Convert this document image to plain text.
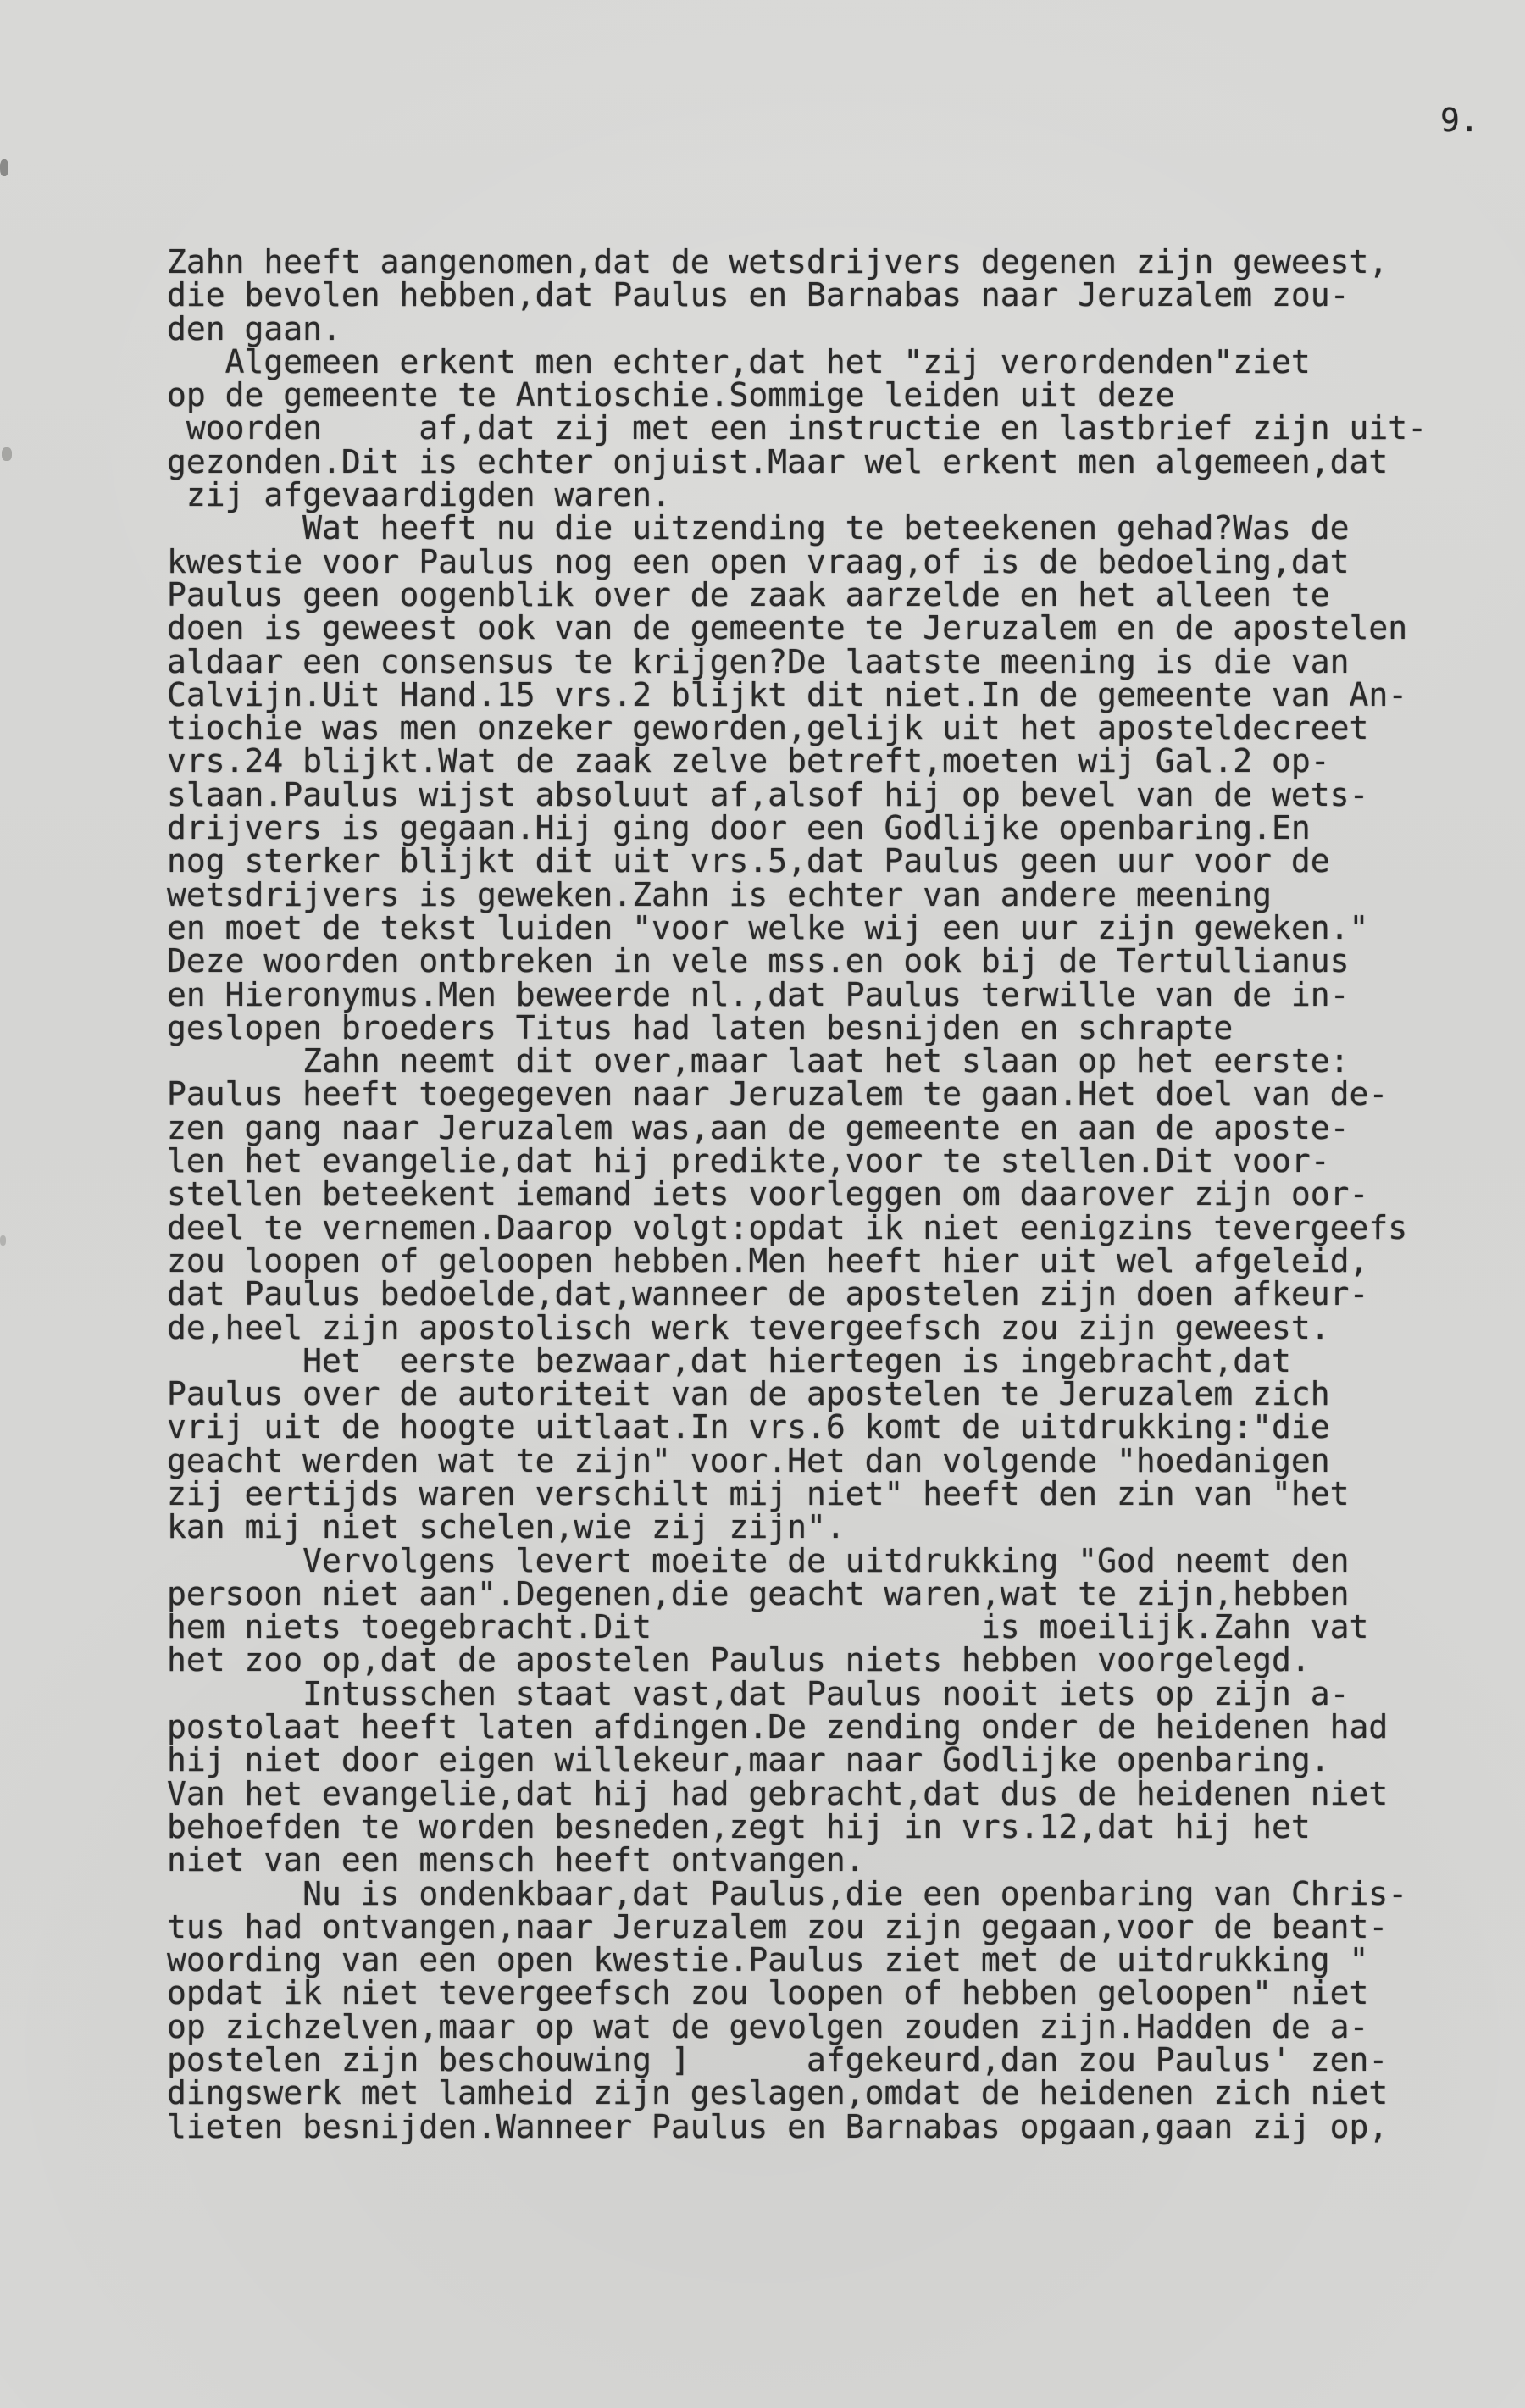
9.
Zahn heeft aangenomen,dat de wetsdrijvers degenen zijn geweest,
die bevolen hebben,dat Paulus en Barnabas naar Jeruzalem zou-
den gaan.
Algemeen erkent men echter,dat het "zij verordenden"ziet
op de gemeente te Antioschie.Sommige leiden uit deze
woorden     af,dat zij met een instructie en lastbrief zijn uit-
gezonden.Dit is echter onjuist.Maar wel erkent men algemeen,dat
zij afgevaardigden waren.
Wat heeft nu die uitzending te beteekenen gehad?Was de
kwestie voor Paulus nog een open vraag,of is de bedoeling,dat
Paulus geen oogenblik over de zaak aarzelde en het alleen te
doen is geweest ook van de gemeente te Jeruzalem en de apostelen
aldaar een consensus te krijgen?De laatste meening is die van
Calvijn.Uit Hand.15 vrs.2 blijkt dit niet.In de gemeente van An-
tiochie was men onzeker geworden,gelijk uit het aposteldecreet
vrs.24 blijkt.Wat de zaak zelve betreft,moeten wij Gal.2 op-
slaan.Paulus wijst absoluut af,alsof hij op bevel van de wets-
drijvers is gegaan.Hij ging door een Godlijke openbaring.En
nog sterker blijkt dit uit vrs.5,dat Paulus geen uur voor de
wetsdrijvers is geweken.Zahn is echter van andere meening
en moet de tekst luiden "voor welke wij een uur zijn geweken."
Deze woorden ontbreken in vele mss.en ook bij de Tertullianus
en Hieronymus.Men beweerde nl.,dat Paulus terwille van de in-
geslopen broeders Titus had laten besnijden en schrapte
Zahn neemt dit over,maar laat het slaan op het eerste:
Paulus heeft toegegeven naar Jeruzalem te gaan.Het doel van de-
zen gang naar Jeruzalem was,aan de gemeente en aan de aposte-
len het evangelie,dat hij predikte,voor te stellen.Dit voor-
stellen beteekent iemand iets voorleggen om daarover zijn oor-
deel te vernemen.Daarop volgt:opdat ik niet eenigzins tevergeefs
zou loopen of geloopen hebben.Men heeft hier uit wel afgeleid,
dat Paulus bedoelde,dat,wanneer de apostelen zijn doen afkeur-
de,heel zijn apostolisch werk tevergeefsch zou zijn geweest.
Het  eerste bezwaar,dat hiertegen is ingebracht,dat
Paulus over de autoriteit van de apostelen te Jeruzalem zich
vrij uit de hoogte uitlaat.In vrs.6 komt de uitdrukking:"die
geacht werden wat te zijn" voor.Het dan volgende "hoedanigen
zij eertijds waren verschilt mij niet" heeft den zin van "het
kan mij niet schelen,wie zij zijn".
Vervolgens levert moeite de uitdrukking "God neemt den
persoon niet aan".Degenen,die geacht waren,wat te zijn,hebben
hem niets toegebracht.Dit                 is moeilijk.Zahn vat
het zoo op,dat de apostelen Paulus niets hebben voorgelegd.
Intusschen staat vast,dat Paulus nooit iets op zijn a-
postolaat heeft laten afdingen.De zending onder de heidenen had
hij niet door eigen willekeur,maar naar Godlijke openbaring.
Van het evangelie,dat hij had gebracht,dat dus de heidenen niet
behoefden te worden besneden,zegt hij in vrs.12,dat hij het
niet van een mensch heeft ontvangen.
Nu is ondenkbaar,dat Paulus,die een openbaring van Chris-
tus had ontvangen,naar Jeruzalem zou zijn gegaan,voor de beant-
woording van een open kwestie.Paulus ziet met de uitdrukking "
opdat ik niet tevergeefsch zou loopen of hebben geloopen" niet
op zichzelven,maar op wat de gevolgen zouden zijn.Hadden de a-
postelen zijn beschouwing ]      afgekeurd,dan zou Paulus' zen-
dingswerk met lamheid zijn geslagen,omdat de heidenen zich niet
lieten besnijden.Wanneer Paulus en Barnabas opgaan,gaan zij op,
